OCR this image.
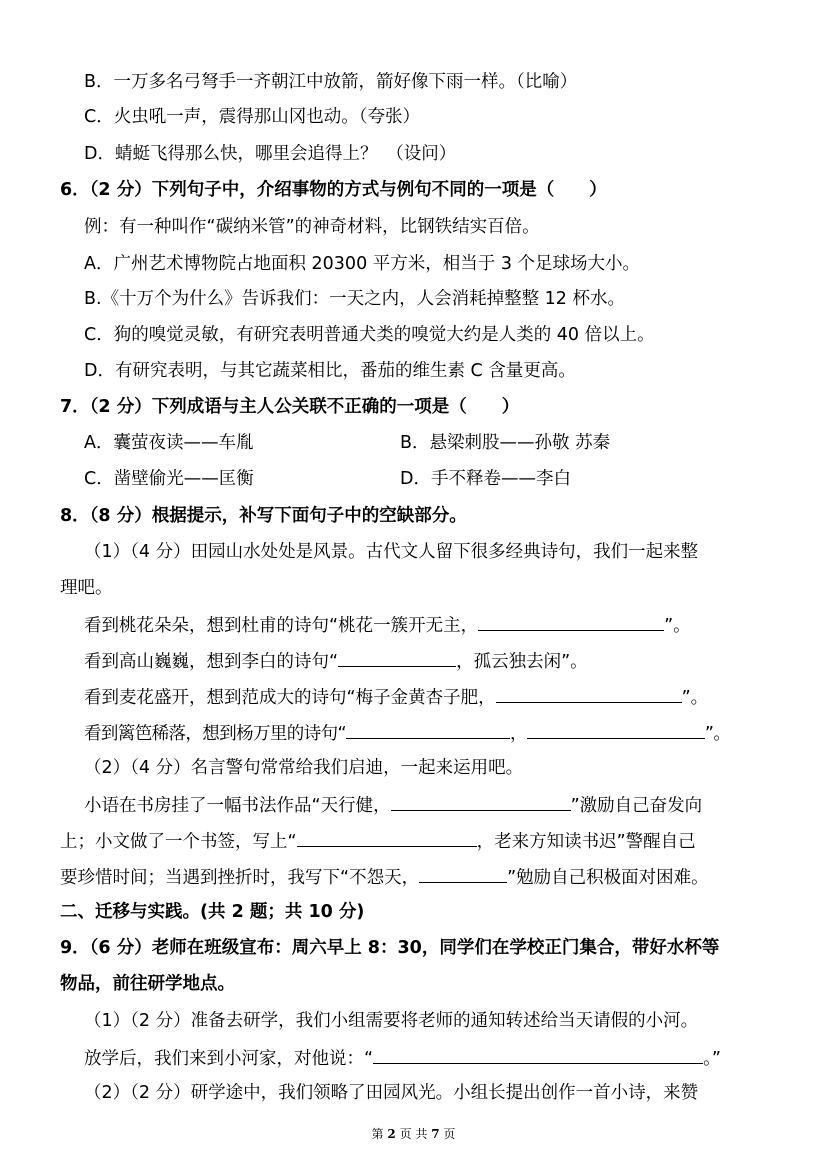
B．一万多名弓弩手一齐朝江中放箭，箭好像下雨一样。（比喻）
C．火虫吼一声，震得那山冈也动。（夸张）
D．蜻蜓飞得那么快，哪里会追得上？　（设问）
6．（2 分）下列句子中，介绍事物的方式与例句不同的一项是（　　）
例：有一种叫作“碳纳米管”的神奇材料，比钢铁结实百倍。
A．广州艺术博物院占地面积 20300 平方米，相当于 3 个足球场大小。
B.《十万个为什么》告诉我们：一天之内，人会消耗掉整整 12 杯水。
C．狗的嗅觉灵敏，有研究表明普通犬类的嗅觉大约是人类的 40 倍以上。
D．有研究表明，与其它蔬菜相比，番茄的维生素 C 含量更高。
7．（2 分）下列成语与主人公关联不正确的一项是（　　）
A．囊萤夜读——车胤	B．悬梁刺股——孙敬 苏秦
C．凿壁偷光——匡衡	D．手不释卷——李白
8．（8 分）根据提示，补写下面句子中的空缺部分。
（1）（4 分）田园山水处处是风景。古代文人留下很多经典诗句，我们一起来整
理吧。
看到桃花朵朵，想到杜甫的诗句“桃花一簇开无主，	”。
看到高山巍巍，想到李白的诗句“	，孤云独去闲”。
看到麦花盛开，想到范成大的诗句“梅子金黄杏子肥，	”。
看到篱笆稀落，想到杨万里的诗句“	，	”。
（2）（4 分）名言警句常常给我们启迪，一起来运用吧。
小语在书房挂了一幅书法作品“天行健，	”激励自己奋发向
上；小文做了一个书签，写上“	，老来方知读书迟”警醒自己
要珍惜时间；当遇到挫折时，我写下“不怨天，	”勉励自己积极面对困难。
二、迁移与实践。(共 2 题；共 10 分)
9．（6 分）老师在班级宣布：周六早上 8：30，同学们在学校正门集合，带好水杯等
物品，前往研学地点。
（1）（2 分）准备去研学，我们小组需要将老师的通知转述给当天请假的小河。
放学后，我们来到小河家，对他说：“	。”
（2）（2 分）研学途中，我们领略了田园风光。小组长提出创作一首小诗，来赞
第 2 页 共 7 页
